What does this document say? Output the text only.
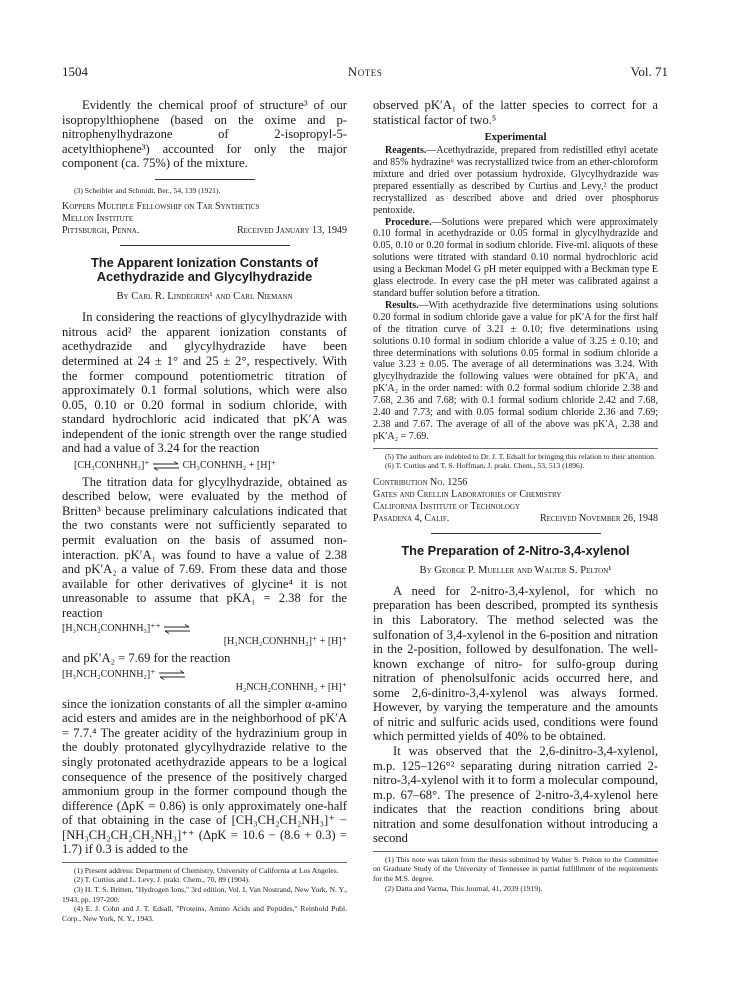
1504	Notes	Vol. 71

Evidently the chemical proof of structure³ of our isopropylthiophene (based on the oxime and p-nitrophenylhydrazone of 2-isopropyl-5-acetylthiophene³) accounted for only the major component (ca. 75%) of the mixture.

(3) Scheibler and Schmidt, Ber., 54, 139 (1921).

Koppers Multiple Fellowship on Tar Synthetics
Mellon Institute
Pittsburgh, Penna.	Received January 13, 1949
The Apparent Ionization Constants of Acethydrazide and Glycylhydrazide
By Carl R. Lindegren¹ and Carl Niemann

In considering the reactions of glycylhydrazide with nitrous acid² the apparent ionization constants of acethydrazide and glycylhydrazide have been determined at 24 ± 1° and 25 ± 2°, respectively. With the former compound potentiometric titration of approximately 0.1 formal solutions, which were also 0.05, 0.10 or 0.20 formal in sodium chloride, with standard hydrochloric acid indicated that pK′A was independent of the ionic strength over the range studied and had a value of 3.24 for the reaction

[CH₃CONHNH₃]⁺ ⇌ CH₃CONHNH₂ + [H]⁺

The titration data for glycylhydrazide, obtained as described below, were evaluated by the method of Britten³ because preliminary calculations indicated that the two constants were not sufficiently separated to permit evaluation on the basis of assumed non-interaction. pK′A₁ was found to have a value of 2.38 and pK′A₂ a value of 7.69. From these data and those available for other derivatives of glycine⁴ it is not unreasonable to assume that pKA₁ = 2.38 for the reaction

[H₃NCH₂CONHNH₃]⁺⁺ ⇌
[H₃NCH₂CONHNH₂]⁺ + [H]⁺

and pK′A₂ = 7.69 for the reaction

[H₃NCH₂CONHNH₂]⁺ ⇌
H₂NCH₂CONHNH₂ + [H]⁺

since the ionization constants of all the simpler α-amino acid esters and amides are in the neighborhood of pK′A = 7.7.⁴ The greater acidity of the hydrazinium group in the doubly protonated glycylhydrazide relative to the singly protonated acethydrazide appears to be a logical consequence of the presence of the positively charged ammonium group in the former compound though the difference (ΔpK = 0.86) is only approximately one-half of that obtaining in the case of [CH₃CH₂CH₂NH₃]⁺ − [NH₃CH₂CH₂CH₂NH₃]⁺⁺ (ΔpK = 10.6 − (8.6 + 0.3) = 1.7) if 0.3 is added to the

(1) Present address: Department of Chemistry, University of California at Los Angeles.

(2) T. Curtius and L. Levy, J. prakt. Chem., 70, 89 (1904).

(3) H. T. S. Britten, "Hydrogen Ions," 3rd edition, Vol. I, Van Nostrand, New York, N. Y., 1943, pp. 197-200.

(4) E. J. Cohn and J. T. Edsall, "Proteins, Amino Acids and Peptides," Reinhold Publ. Corp., New York, N. Y., 1943.

observed pK′A₁ of the latter species to correct for a statistical factor of two.⁵

Experimental

Reagents.—Acethydrazide, prepared from redistilled ethyl acetate and 85% hydrazine⁶ was recrystallized twice from an ether-chloroform mixture and dried over potassium hydroxide. Glycylhydrazide was prepared essentially as described by Curtius and Levy,² the product recrystallized as described above and dried over phosphorus pentoxide.

Procedure.—Solutions were prepared which were approximately 0.10 formal in acethydrazide or 0.05 formal in glycylhydrazide and 0.05, 0.10 or 0.20 formal in sodium chloride. Five-ml. aliquots of these solutions were titrated with standard 0.10 normal hydrochloric acid using a Beckman Model G pH meter equipped with a Beckman type E glass electrode. In every case the pH meter was calibrated against a standard buffer solution before a titration.

Results.—With acethydrazide five determinations using solutions 0.20 formal in sodium chloride gave a value for pK′A for the first half of the titration curve of 3.21 ± 0.10; five determinations using solutions 0.10 formal in sodium chloride a value of 3.25 ± 0.10; and three determinations with solutions 0.05 formal in sodium chloride a value 3.23 ± 0.05. The average of all determinations was 3.24. With glycylhydrazide the following values were obtained for pK′A₁ and pK′A₂ in the order named: with 0.2 formal sodium chloride 2.38 and 7.68, 2.36 and 7.68; with 0.1 formal sodium chloride 2.42 and 7.68, 2.40 and 7.73; and with 0.05 formal sodium chloride 2.36 and 7.69; 2.38 and 7.67. The average of all of the above was pK′A₁ 2.38 and pK′A₂ = 7.69.

(5) The authors are indebted to Dr. J. T. Edsall for bringing this relation to their attention.

(6) T. Curtius and T. S. Hoffman, J. prakt. Chem., 53, 513 (1896).

Contribution No. 1256
Gates and Crellin Laboratories of Chemistry
California Institute of Technology
Pasadena 4, Calif.	Received November 26, 1948
The Preparation of 2-Nitro-3,4-xylenol
By George P. Mueller and Walter S. Pelton¹

A need for 2-nitro-3,4-xylenol, for which no preparation has been described, prompted its synthesis in this Laboratory. The method selected was the sulfonation of 3,4-xylenol in the 6-position and nitration in the 2-position, followed by desulfonation. The well-known exchange of nitro- for sulfo-group during nitration of phenolsulfonic acids occurred here, and some 2,6-dinitro-3,4-xylenol was always formed. However, by varying the temperature and the amounts of nitric and sulfuric acids used, conditions were found which permitted yields of 40% to be obtained.

It was observed that the 2,6-dinitro-3,4-xylenol, m.p. 125–126°² separating during nitration carried 2-nitro-3,4-xylenol with it to form a molecular compound, m.p. 67–68°. The presence of 2-nitro-3,4-xylenol here indicates that the reaction conditions bring about nitration and some desulfonation without introducing a second

(1) This note was taken from the thesis submitted by Walter S. Pelton to the Committee on Graduate Study of the University of Tennessee in partial fulfillment of the requirements for the M.S. degree.

(2) Datta and Varma, This Journal, 41, 2039 (1919).
